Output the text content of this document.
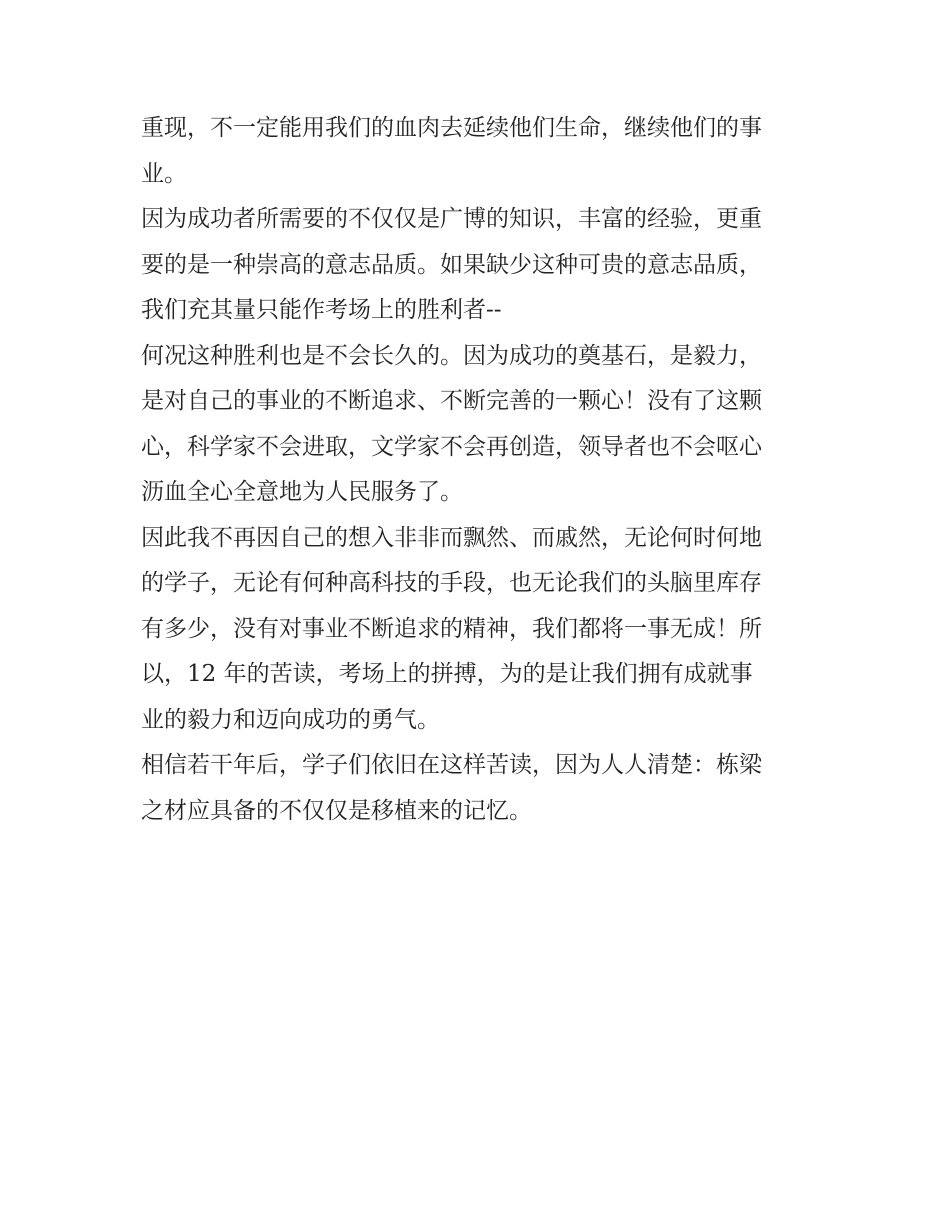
重现，不一定能用我们的血肉去延续他们生命，继续他们的事
业。
因为成功者所需要的不仅仅是广博的知识，丰富的经验，更重
要的是一种崇高的意志品质。如果缺少这种可贵的意志品质，
我们充其量只能作考场上的胜利者--
何况这种胜利也是不会长久的。因为成功的奠基石，是毅力，
是对自己的事业的不断追求、不断完善的一颗心！没有了这颗
心，科学家不会进取，文学家不会再创造，领导者也不会呕心
沥血全心全意地为人民服务了。
因此我不再因自己的想入非非而飘然、而戚然，无论何时何地
的学子，无论有何种高科技的手段，也无论我们的头脑里库存
有多少，没有对事业不断追求的精神，我们都将一事无成！所
以，12 年的苦读，考场上的拼搏，为的是让我们拥有成就事
业的毅力和迈向成功的勇气。
相信若干年后，学子们依旧在这样苦读，因为人人清楚：栋梁
之材应具备的不仅仅是移植来的记忆。
